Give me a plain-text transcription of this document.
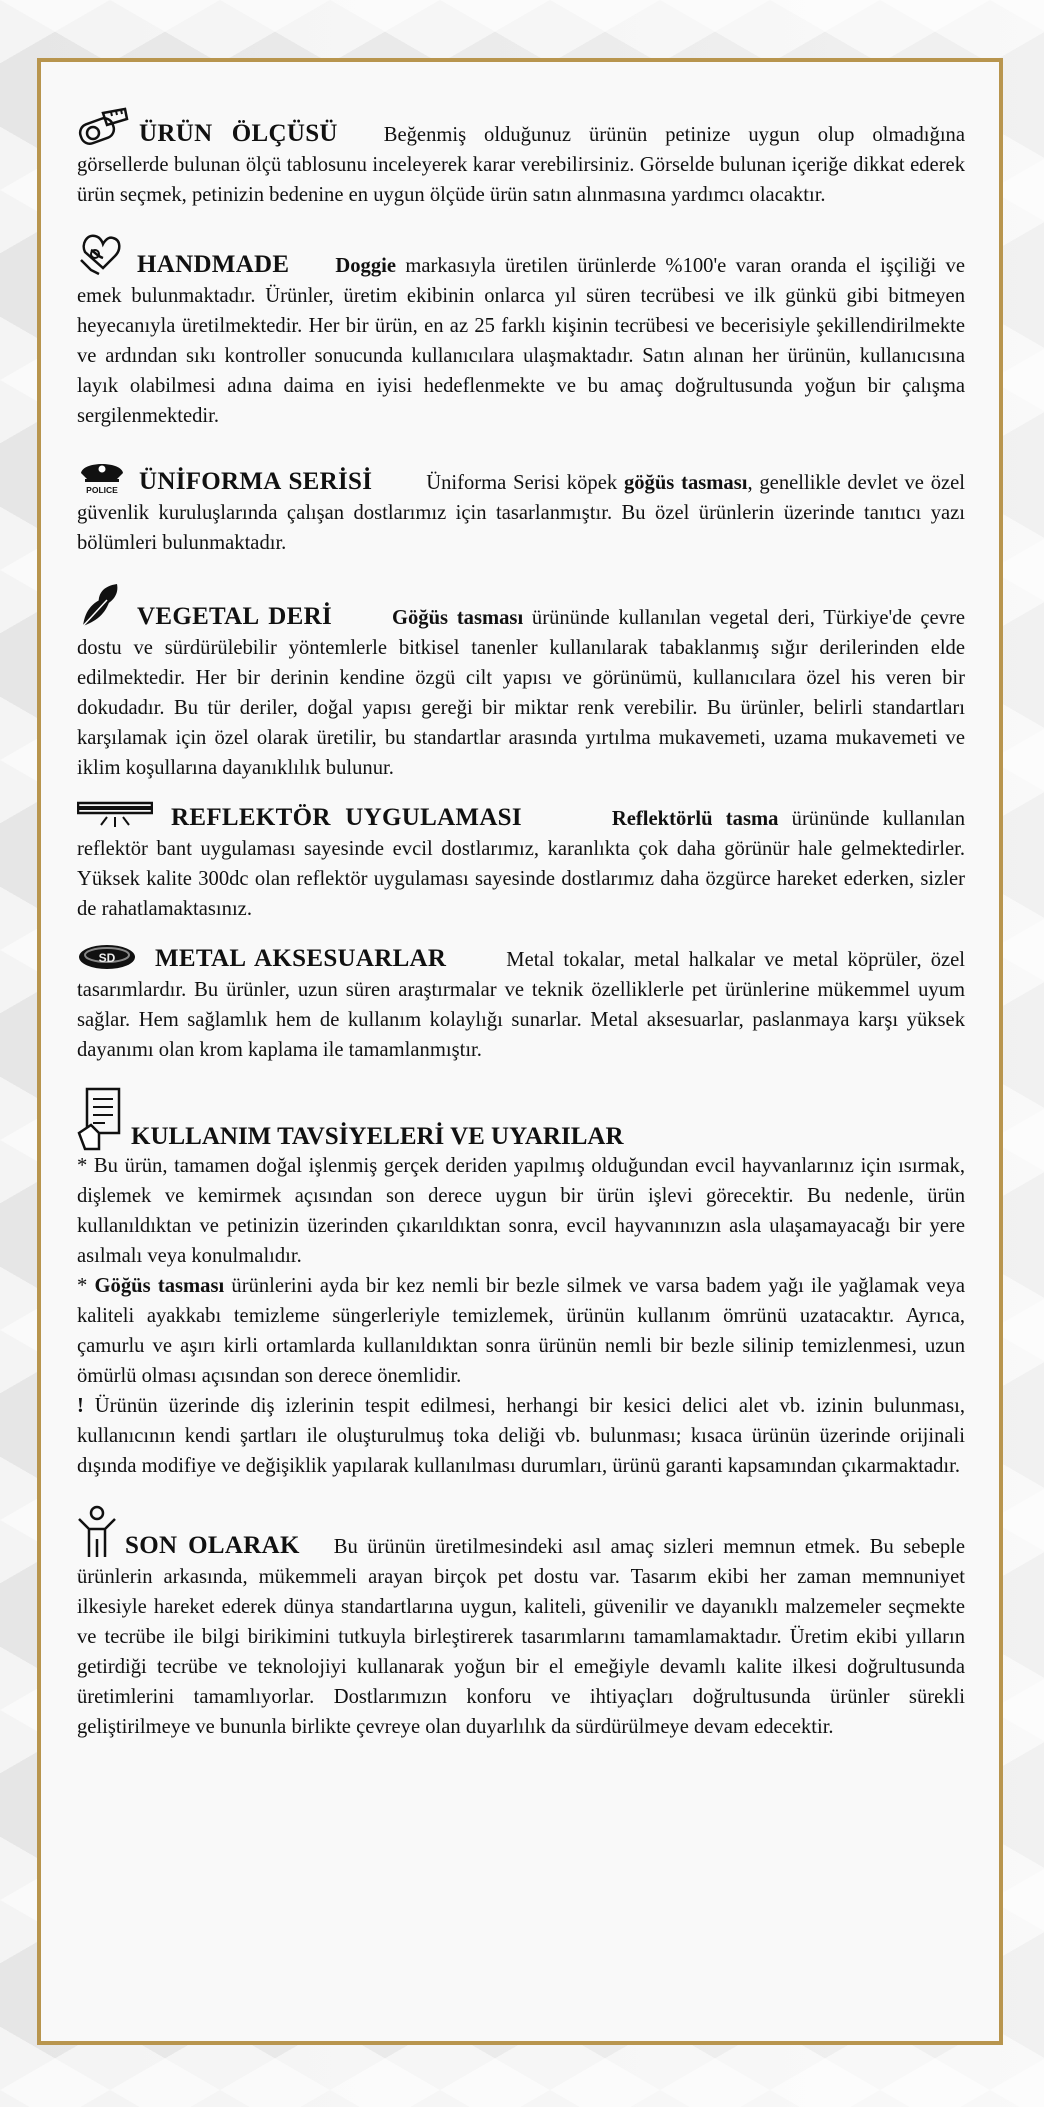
ÜRÜN ÖLÇÜSÜ Beğenmiş olduğunuz ürünün petinize uygun olup olmadığına görsellerde bulunan ölçü tablosunu inceleyerek karar verebilirsiniz. Görselde bulunan içeriğe dikkat ederek ürün seçmek, petinizin bedenine en uygun ölçüde ürün satın alınmasına yardımcı olacaktır.

HANDMADE Doggie markasıyla üretilen ürünlerde %100'e varan oranda el işçiliği ve emek bulunmaktadır. Ürünler, üretim ekibinin onlarca yıl süren tecrübesi ve ilk günkü gibi bitmeyen heyecanıyla üretilmektedir. Her bir ürün, en az 25 farklı kişinin tecrübesi ve becerisiyle şekillendirilmekte ve ardından sıkı kontroller sonucunda kullanıcılara ulaşmaktadır. Satın alınan her ürünün, kullanıcısına layık olabilmesi adına daima en iyisi hedeflenmekte ve bu amaç doğrultusunda yoğun bir çalışma sergilenmektedir.

POLICE ÜNİFORMA SERİSİ	Üniforma Serisi köpek göğüs tasması, genellikle devlet ve özel güvenlik kuruluşlarında çalışan dostlarımız için tasarlanmıştır. Bu özel ürünlerin üzerinde tanıtıcı yazı bölümleri bulunmaktadır.

VEGETAL DERİ	Göğüs tasması ürününde kullanılan vegetal deri, Türkiye'de çevre dostu ve sürdürülebilir yöntemlerle bitkisel tanenler kullanılarak tabaklanmış sığır derilerinden elde edilmektedir. Her bir derinin kendine özgü cilt yapısı ve görünümü, kullanıcılara özel his veren bir dokudadır. Bu tür deriler, doğal yapısı gereği bir miktar renk verebilir. Bu ürünler, belirli standartları karşılamak için özel olarak üretilir, bu standartlar arasında yırtılma mukavemeti, uzama mukavemeti ve iklim koşullarına dayanıklılık bulunur.

REFLEKTÖR UYGULAMASI	Reflektörlü tasma ürününde kullanılan reflektör bant uygulaması sayesinde evcil dostlarımız, karanlıkta çok daha görünür hale gelmektedirler. Yüksek kalite 300dc olan reflektör uygulaması sayesinde dostlarımız daha özgürce hareket ederken, sizler de rahatlamaktasınız.

SD METAL AKSESUARLAR	Metal tokalar, metal halkalar ve metal köprüler, özel tasarımlardır. Bu ürünler, uzun süren araştırmalar ve teknik özelliklerle pet ürünlerine mükemmel uyum sağlar. Hem sağlamlık hem de kullanım kolaylığı sunarlar. Metal aksesuarlar, paslanmaya karşı yüksek dayanımı olan krom kaplama ile tamamlanmıştır.

KULLANIM TAVSİYELERİ VE UYARILAR

* Bu ürün, tamamen doğal işlenmiş gerçek deriden yapılmış olduğundan evcil hayvanlarınız için ısırmak, dişlemek ve kemirmek açısından son derece uygun bir ürün işlevi görecektir. Bu nedenle, ürün kullanıldıktan ve petinizin üzerinden çıkarıldıktan sonra, evcil hayvanınızın asla ulaşamayacağı bir yere asılmalı veya konulmalıdır.

* Göğüs tasması ürünlerini ayda bir kez nemli bir bezle silmek ve varsa badem yağı ile yağlamak veya kaliteli ayakkabı temizleme süngerleriyle temizlemek, ürünün kullanım ömrünü uzatacaktır. Ayrıca, çamurlu ve aşırı kirli ortamlarda kullanıldıktan sonra ürünün nemli bir bezle silinip temizlenmesi, uzun ömürlü olması açısından son derece önemlidir.

! Ürünün üzerinde diş izlerinin tespit edilmesi, herhangi bir kesici delici alet vb. izinin bulunması, kullanıcının kendi şartları ile oluşturulmuş toka deliği vb. bulunması; kısaca ürünün üzerinde orijinali dışında modifiye ve değişiklik yapılarak kullanılması durumları, ürünü garanti kapsamından çıkarmaktadır.

SON OLARAK Bu ürünün üretilmesindeki asıl amaç sizleri memnun etmek. Bu sebeple ürünlerin arkasında, mükemmeli arayan birçok pet dostu var. Tasarım ekibi her zaman memnuniyet ilkesiyle hareket ederek dünya standartlarına uygun, kaliteli, güvenilir ve dayanıklı malzemeler seçmekte ve tecrübe ile bilgi birikimini tutkuyla birleştirerek tasarımlarını tamamlamaktadır. Üretim ekibi yılların getirdiği tecrübe ve teknolojiyi kullanarak yoğun bir el emeğiyle devamlı kalite ilkesi doğrultusunda üretimlerini tamamlıyorlar. Dostlarımızın konforu ve ihtiyaçları doğrultusunda ürünler sürekli geliştirilmeye ve bununla birlikte çevreye olan duyarlılık da sürdürülmeye devam edecektir.
